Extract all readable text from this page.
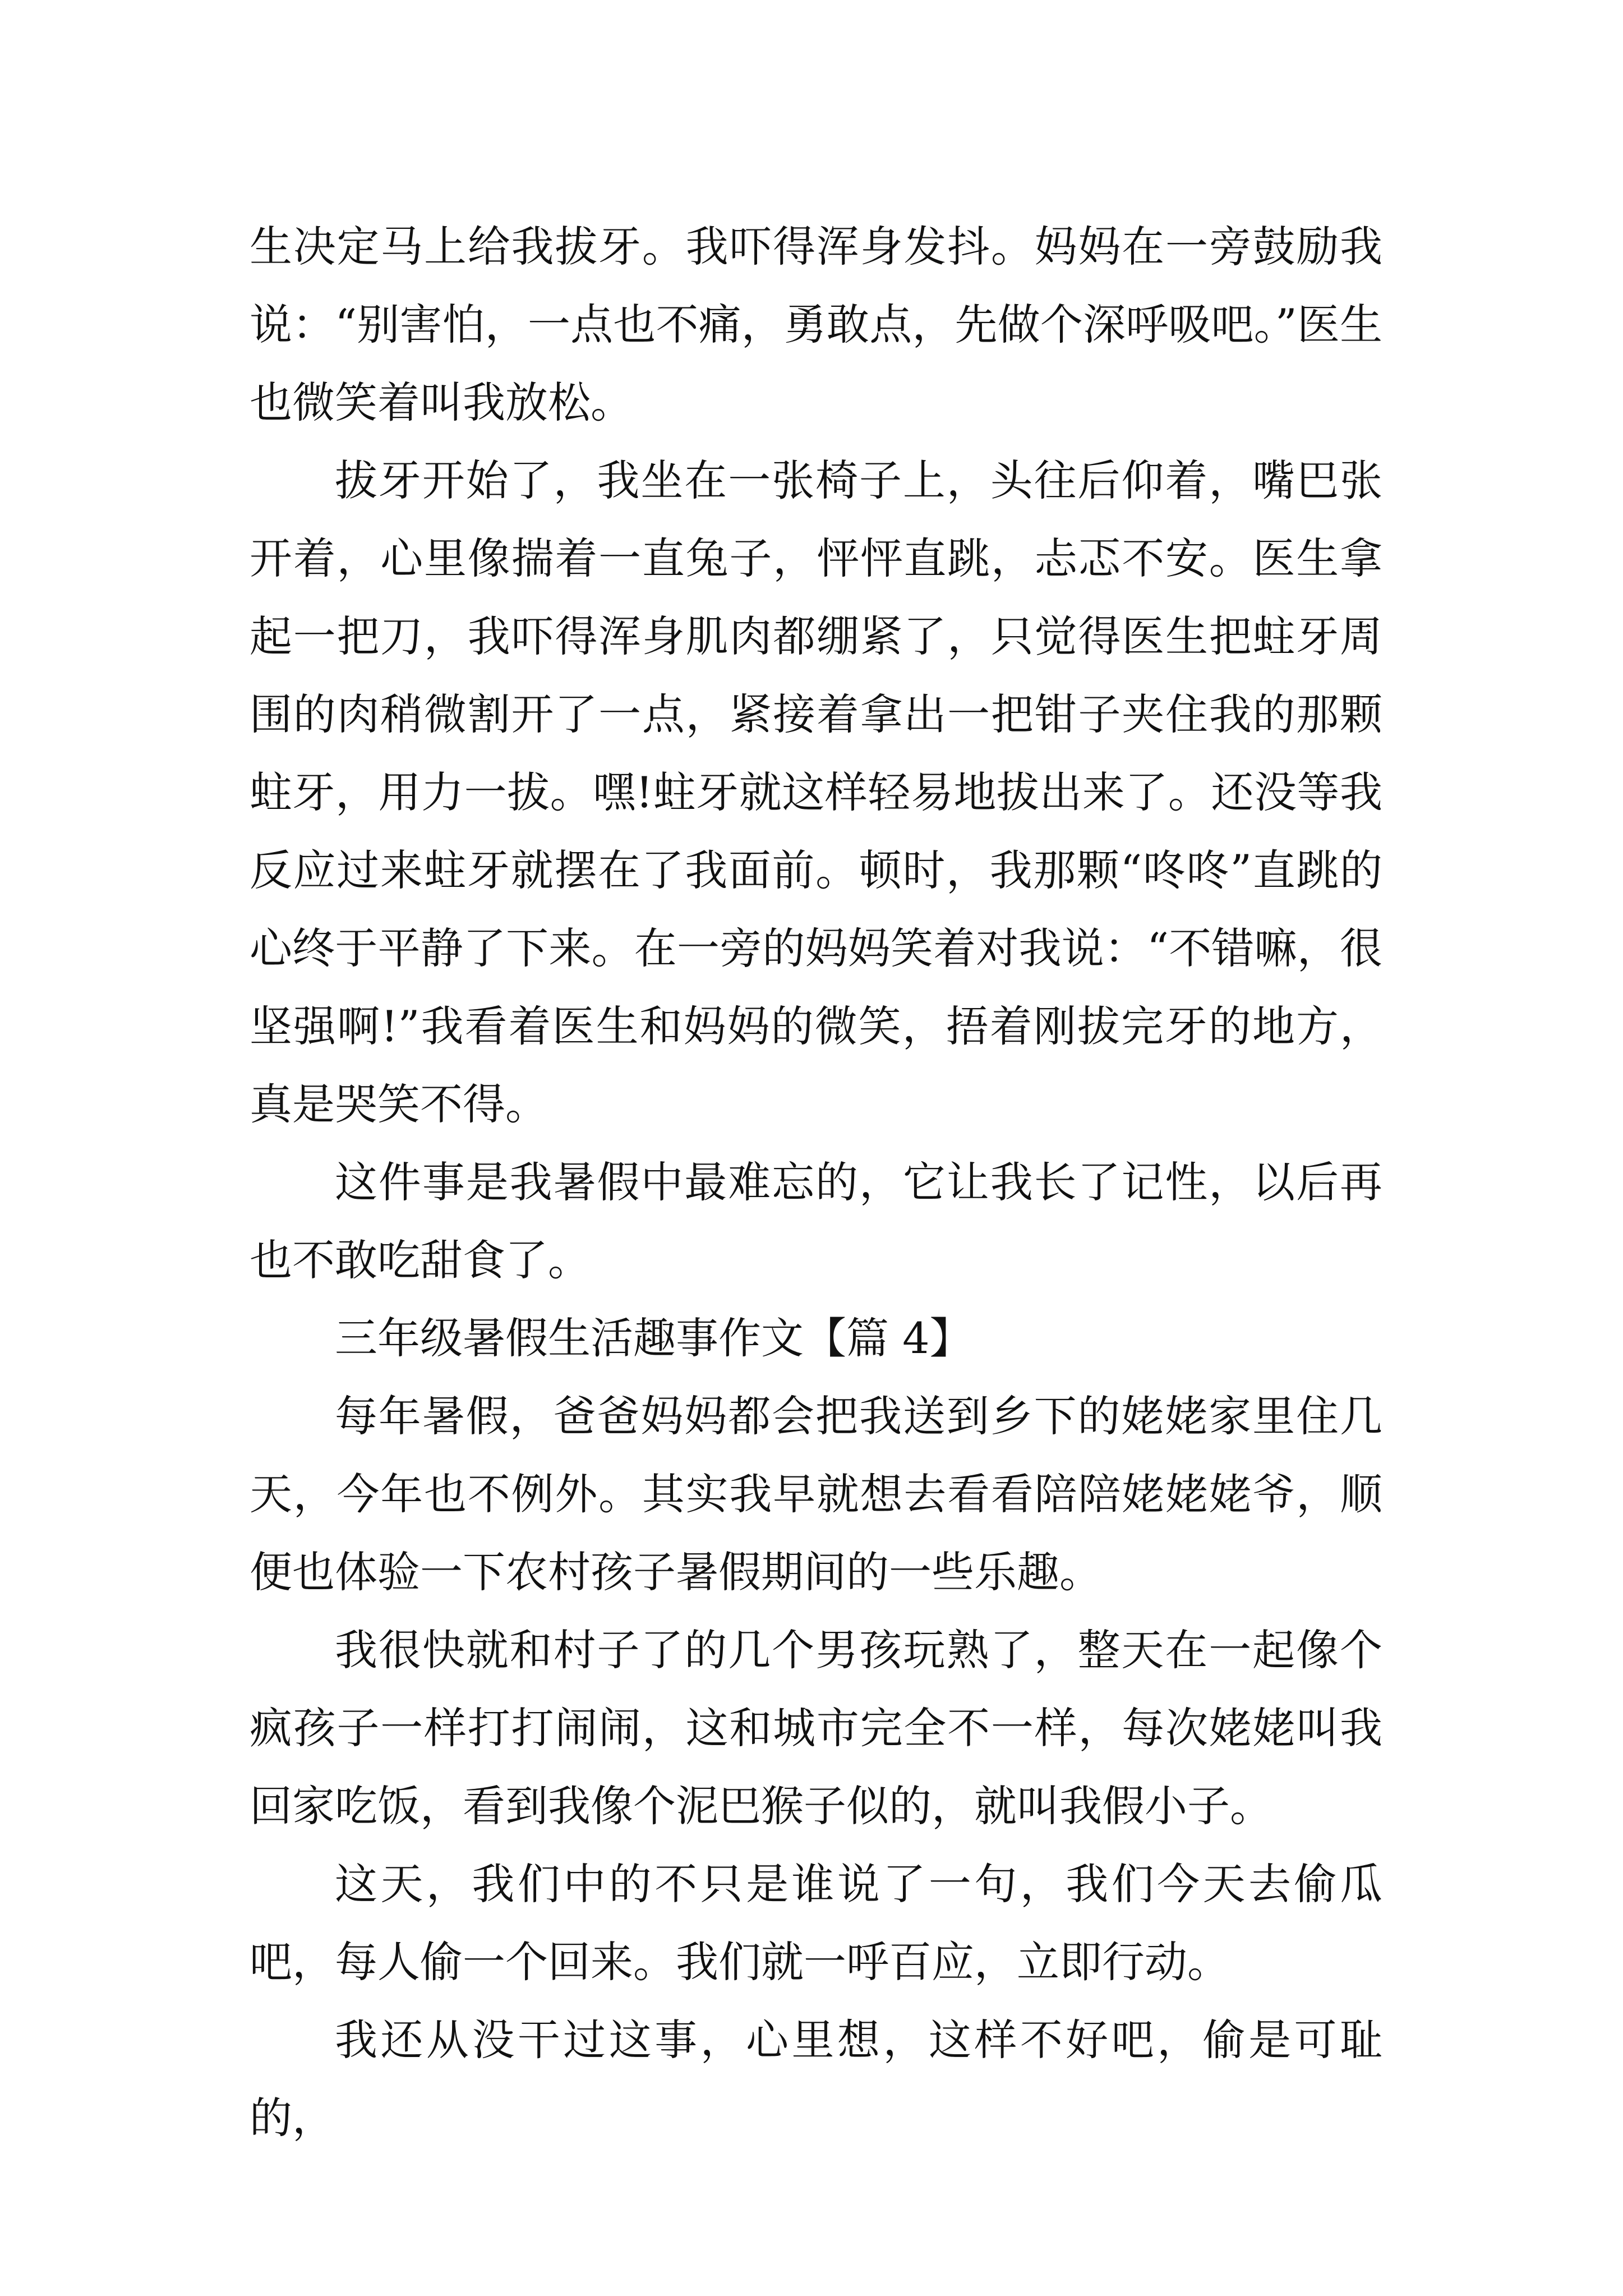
生决定马上给我拔牙。我吓得浑身发抖。妈妈在一旁鼓励我说：“别害怕，一点也不痛，勇敢点，先做个深呼吸吧。”医生也微笑着叫我放松。

拔牙开始了，我坐在一张椅子上，头往后仰着，嘴巴张开着，心里像揣着一直兔子，怦怦直跳，忐忑不安。医生拿起一把刀，我吓得浑身肌肉都绷紧了，只觉得医生把蛀牙周围的肉稍微割开了一点，紧接着拿出一把钳子夹住我的那颗蛀牙，用力一拔。嘿!蛀牙就这样轻易地拔出来了。还没等我反应过来蛀牙就摆在了我面前。顿时，我那颗“咚咚”直跳的心终于平静了下来。在一旁的妈妈笑着对我说：“不错嘛，很坚强啊!”我看着医生和妈妈的微笑，捂着刚拔完牙的地方，真是哭笑不得。

这件事是我暑假中最难忘的，它让我长了记性，以后再也不敢吃甜食了。

三年级暑假生活趣事作文【篇 4】

每年暑假，爸爸妈妈都会把我送到乡下的姥姥家里住几天，今年也不例外。其实我早就想去看看陪陪姥姥姥爷，顺便也体验一下农村孩子暑假期间的一些乐趣。

我很快就和村子了的几个男孩玩熟了，整天在一起像个疯孩子一样打打闹闹，这和城市完全不一样，每次姥姥叫我回家吃饭，看到我像个泥巴猴子似的，就叫我假小子。

这天，我们中的不只是谁说了一句，我们今天去偷瓜吧，每人偷一个回来。我们就一呼百应，立即行动。

我还从没干过这事，心里想，这样不好吧，偷是可耻的，
